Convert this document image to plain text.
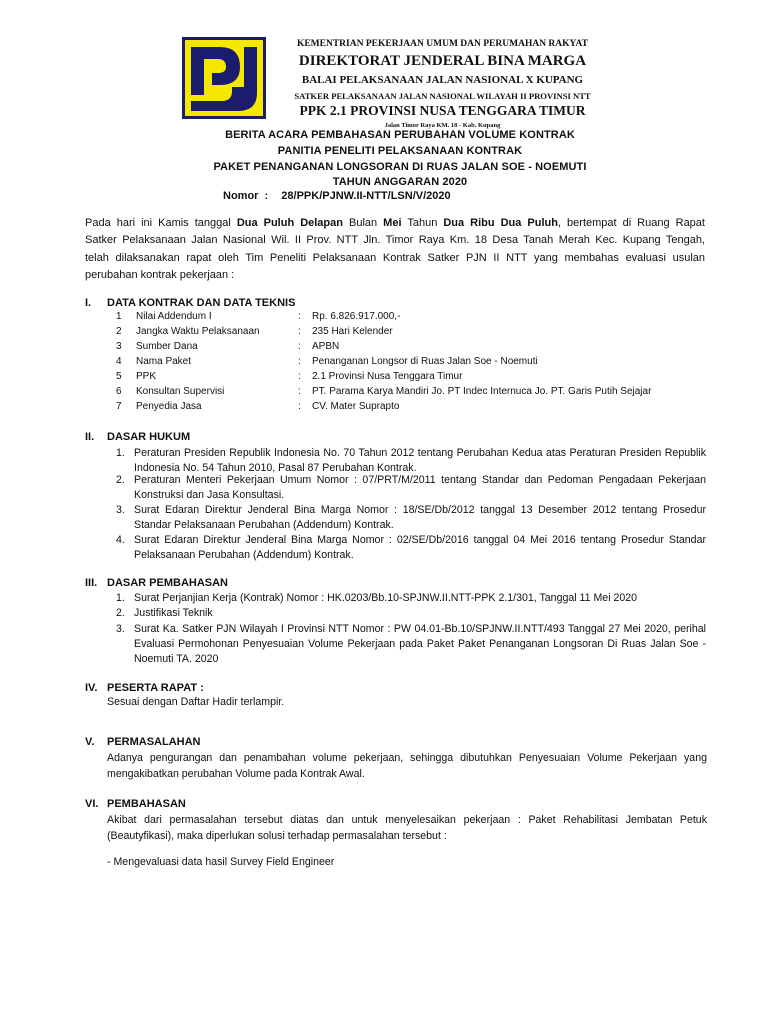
KEMENTRIAN PEKERJAAN UMUM DAN PERUMAHAN RAKYAT
DIREKTORAT JENDERAL BINA MARGA
BALAI PELAKSANAAN JALAN NASIONAL X KUPANG
SATKER PELAKSANAAN JALAN NASIONAL WILAYAH II PROVINSI NTT
PPK 2.1 PROVINSI NUSA TENGGARA TIMUR
Jalan Timor Raya KM. 18 - Kab. Kupang
BERITA ACARA PEMBAHASAN PERUBAHAN VOLUME KONTRAK
PANITIA PENELITI PELAKSANAAN KONTRAK
PAKET PENANGANAN LONGSORAN DI RUAS JALAN SOE - NOEMUTI
TAHUN ANGGARAN 2020
Nomor  : 28/PPK/PJNW.II-NTT/LSN/V/2020
Pada hari ini Kamis tanggal Dua Puluh Delapan Bulan Mei Tahun Dua Ribu Dua Puluh, bertempat di Ruang Rapat
Satker Pelaksanaan Jalan Nasional Wil. II Prov. NTT Jln. Timor Raya Km. 18 Desa Tanah Merah Kec. Kupang Tengah,
telah dilaksanakan rapat oleh Tim Peneliti Pelaksanaan Kontrak Satker PJN II NTT yang membahas evaluasi usulan
perubahan kontrak pekerjaan :
I. DATA KONTRAK DAN DATA TEKNIS
1 Nilai Addendum I	: Rp. 6.826.917.000,-
2 Jangka Waktu Pelaksanaan	: 235 Hari Kelender
3 Sumber Dana	: APBN
4 Nama Paket	: Penanganan Longsor di Ruas Jalan Soe - Noemuti
5 PPK	: 2.1 Provinsi Nusa Tenggara Timur
6 Konsultan Supervisi	: PT. Parama Karya Mandiri Jo. PT Indec Internuca Jo. PT. Garis Putih Sejajar
7 Penyedia Jasa	: CV. Mater Suprapto
II. DASAR HUKUM
1. Peraturan Presiden Republik Indonesia No. 70 Tahun 2012 tentang Perubahan Kedua atas Peraturan Presiden Republik Indonesia No. 54 Tahun 2010, Pasal 87 Perubahan Kontrak.
2. Peraturan Menteri Pekerjaan Umum Nomor : 07/PRT/M/2011 tentang Standar dan Pedoman Pengadaan Pekerjaan Konstruksi dan Jasa Konsultasi.
3. Surat Edaran Direktur Jenderal Bina Marga Nomor : 18/SE/Db/2012 tanggal 13 Desember 2012 tentang Prosedur Standar Pelaksanaan Perubahan (Addendum) Kontrak.
4. Surat Edaran Direktur Jenderal Bina Marga Nomor : 02/SE/Db/2016 tanggal 04 Mei 2016 tentang Prosedur Standar Pelaksanaan Perubahan (Addendum) Kontrak.
III. DASAR PEMBAHASAN
1. Surat Perjanjian Kerja (Kontrak) Nomor : HK.0203/Bb.10-SPJNW.II.NTT-PPK 2.1/301, Tanggal 11 Mei 2020
2. Justifikasi Teknik
3. Surat Ka. Satker PJN Wilayah I Provinsi NTT Nomor : PW 04.01-Bb.10/SPJNW.II.NTT/493 Tanggal 27 Mei 2020, perihal Evaluasi Permohonan Penyesuaian Volume Pekerjaan pada Paket Paket Penanganan Longsoran Di Ruas Jalan Soe - Noemuti TA. 2020
IV. PESERTA RAPAT :
Sesuai dengan Daftar Hadir terlampir.
V. PERMASALAHAN
Adanya pengurangan dan penambahan volume pekerjaan, sehingga dibutuhkan Penyesuaian Volume Pekerjaan yang mengakibatkan perubahan Volume pada Kontrak Awal.
VI. PEMBAHASAN
Akibat dari permasalahan tersebut diatas dan untuk menyelesaikan pekerjaan : Paket Rehabilitasi Jembatan Petuk (Beautyfikasi), maka diperlukan solusi terhadap permasalahan tersebut :
- Mengevaluasi data hasil Survey Field Engineer
